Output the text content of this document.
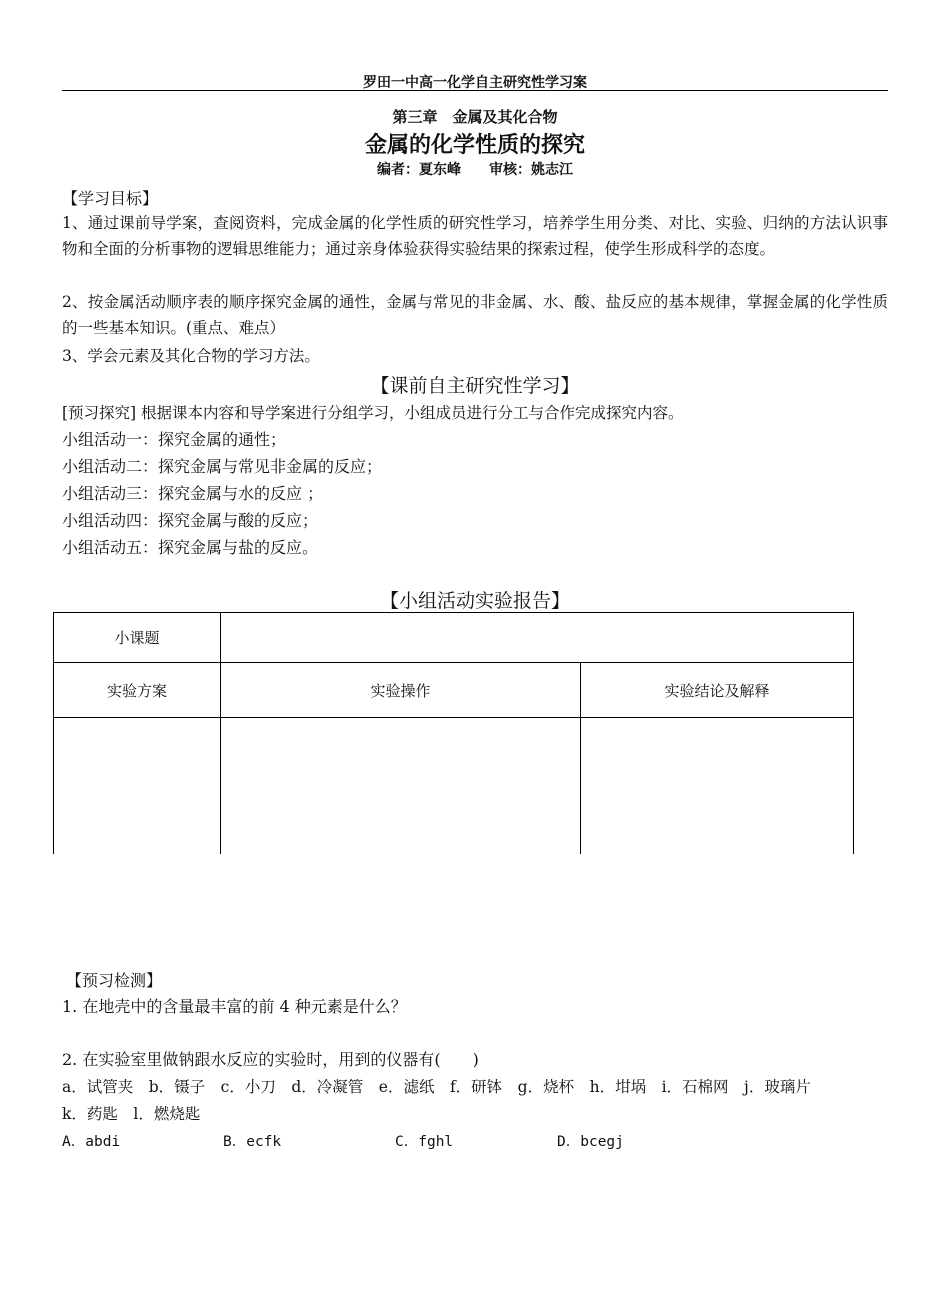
罗田一中高一化学自主研究性学习案
第三章　金属及其化合物
金属的化学性质的探究
编者：夏东峰　　审核：姚志江
【学习目标】
1、通过课前导学案，查阅资料，完成金属的化学性质的研究性学习，培养学生用分类、对比、实验、归纳的方法认识事物和全面的分析事物的逻辑思维能力；通过亲身体验获得实验结果的探索过程，使学生形成科学的态度。
2、按金属活动顺序表的顺序探究金属的通性，金属与常见的非金属、水、酸、盐反应的基本规律，掌握金属的化学性质的一些基本知识。(重点、难点）
3、学会元素及其化合物的学习方法。
【课前自主研究性学习】
[预习探究] 根据课本内容和导学案进行分组学习，小组成员进行分工与合作完成探究内容。
小组活动一：探究金属的通性；
小组活动二：探究金属与常见非金属的反应；
小组活动三：探究金属与水的反应 ；
小组活动四：探究金属与酸的反应；
小组活动五：探究金属与盐的反应。
【小组活动实验报告】
小课题		
实验方案	实验操作	实验结论及解释

【预习检测】
1. 在地壳中的含量最丰富的前 4 种元素是什么？
2. 在实验室里做钠跟水反应的实验时，用到的仪器有(　　)
a．试管夹　b．镊子　c．小刀　d．冷凝管　e．滤纸　f．研钵　g．烧杯　h．坩埚　i．石棉网　j．玻璃片
k．药匙　l．燃烧匙
A．abdi	B．ecfk	C．fghl	D．bcegj
